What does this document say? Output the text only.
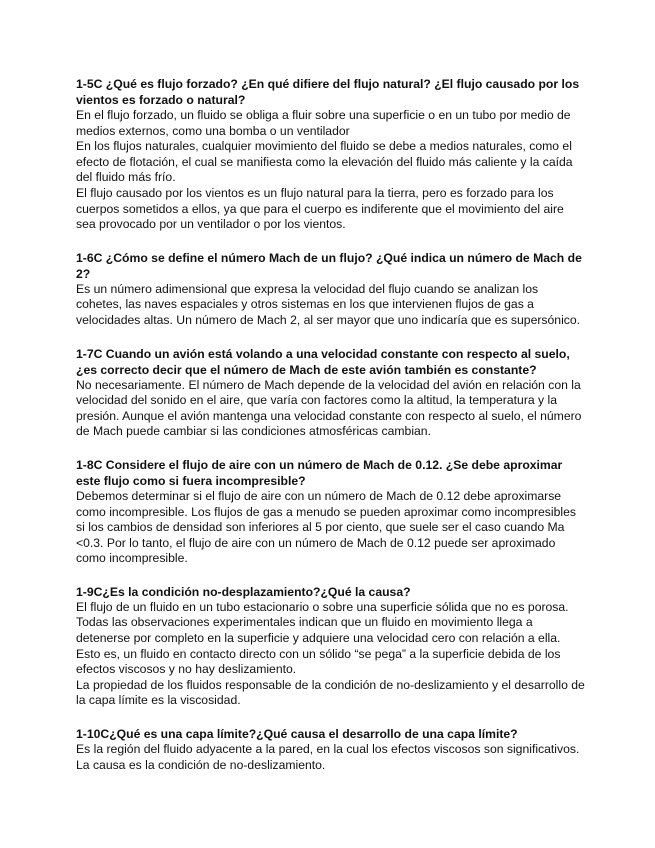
1-5C ¿Qué es flujo forzado? ¿En qué difiere del flujo natural? ¿El flujo causado por los vientos es forzado o natural?

En el flujo forzado, un fluido se obliga a fluir sobre una superficie o en un tubo por medio de medios externos, como una bomba o un ventilador

En los flujos naturales, cualquier movimiento del fluido se debe a medios naturales, como el efecto de flotación, el cual se manifiesta como la elevación del fluido más caliente y la caída del fluido más frío.

El flujo causado por los vientos es un flujo natural para la tierra, pero es forzado para los cuerpos sometidos a ellos, ya que para el cuerpo es indiferente que el movimiento del aire sea provocado por un ventilador o por los vientos.

1-6C ¿Cómo se define el número Mach de un flujo? ¿Qué indica un número de Mach de 2?

Es un número adimensional que expresa la velocidad del flujo cuando se analizan los cohetes, las naves espaciales y otros sistemas en los que intervienen flujos de gas a velocidades altas. Un número de Mach 2, al ser mayor que uno indicaría que es supersónico.

1-7C Cuando un avión está volando a una velocidad constante con respecto al suelo, ¿es correcto decir que el número de Mach de este avión también es constante?

No necesariamente. El número de Mach depende de la velocidad del avión en relación con la velocidad del sonido en el aire, que varía con factores como la altitud, la temperatura y la presión. Aunque el avión mantenga una velocidad constante con respecto al suelo, el número de Mach puede cambiar si las condiciones atmosféricas cambian.

1-8C Considere el flujo de aire con un número de Mach de 0.12. ¿Se debe aproximar este flujo como si fuera incompresible?

Debemos determinar si el flujo de aire con un número de Mach de 0.12 debe aproximarse como incompresible. Los flujos de gas a menudo se pueden aproximar como incompresibles si los cambios de densidad son inferiores al 5 por ciento, que suele ser el caso cuando Ma <0.3. Por lo tanto, el flujo de aire con un número de Mach de 0.12 puede ser aproximado como incompresible.

1-9C¿Es la condición no-desplazamiento?¿Qué la causa?

El flujo de un fluido en un tubo estacionario o sobre una superficie sólida que no es porosa. Todas las observaciones experimentales indican que un fluido en movimiento llega a detenerse por completo en la superficie y adquiere una velocidad cero con relación a ella. Esto es, un fluido en contacto directo con un sólido “se pega” a la superficie debida de los efectos viscosos y no hay deslizamiento.

La propiedad de los fluidos responsable de la condición de no-deslizamiento y el desarrollo de la capa límite es la viscosidad.

1-10C¿Qué es una capa límite?¿Qué causa el desarrollo de una capa límite?

Es la región del fluido adyacente a la pared, en la cual los efectos viscosos son significativos.

La causa es la condición de no-deslizamiento.
